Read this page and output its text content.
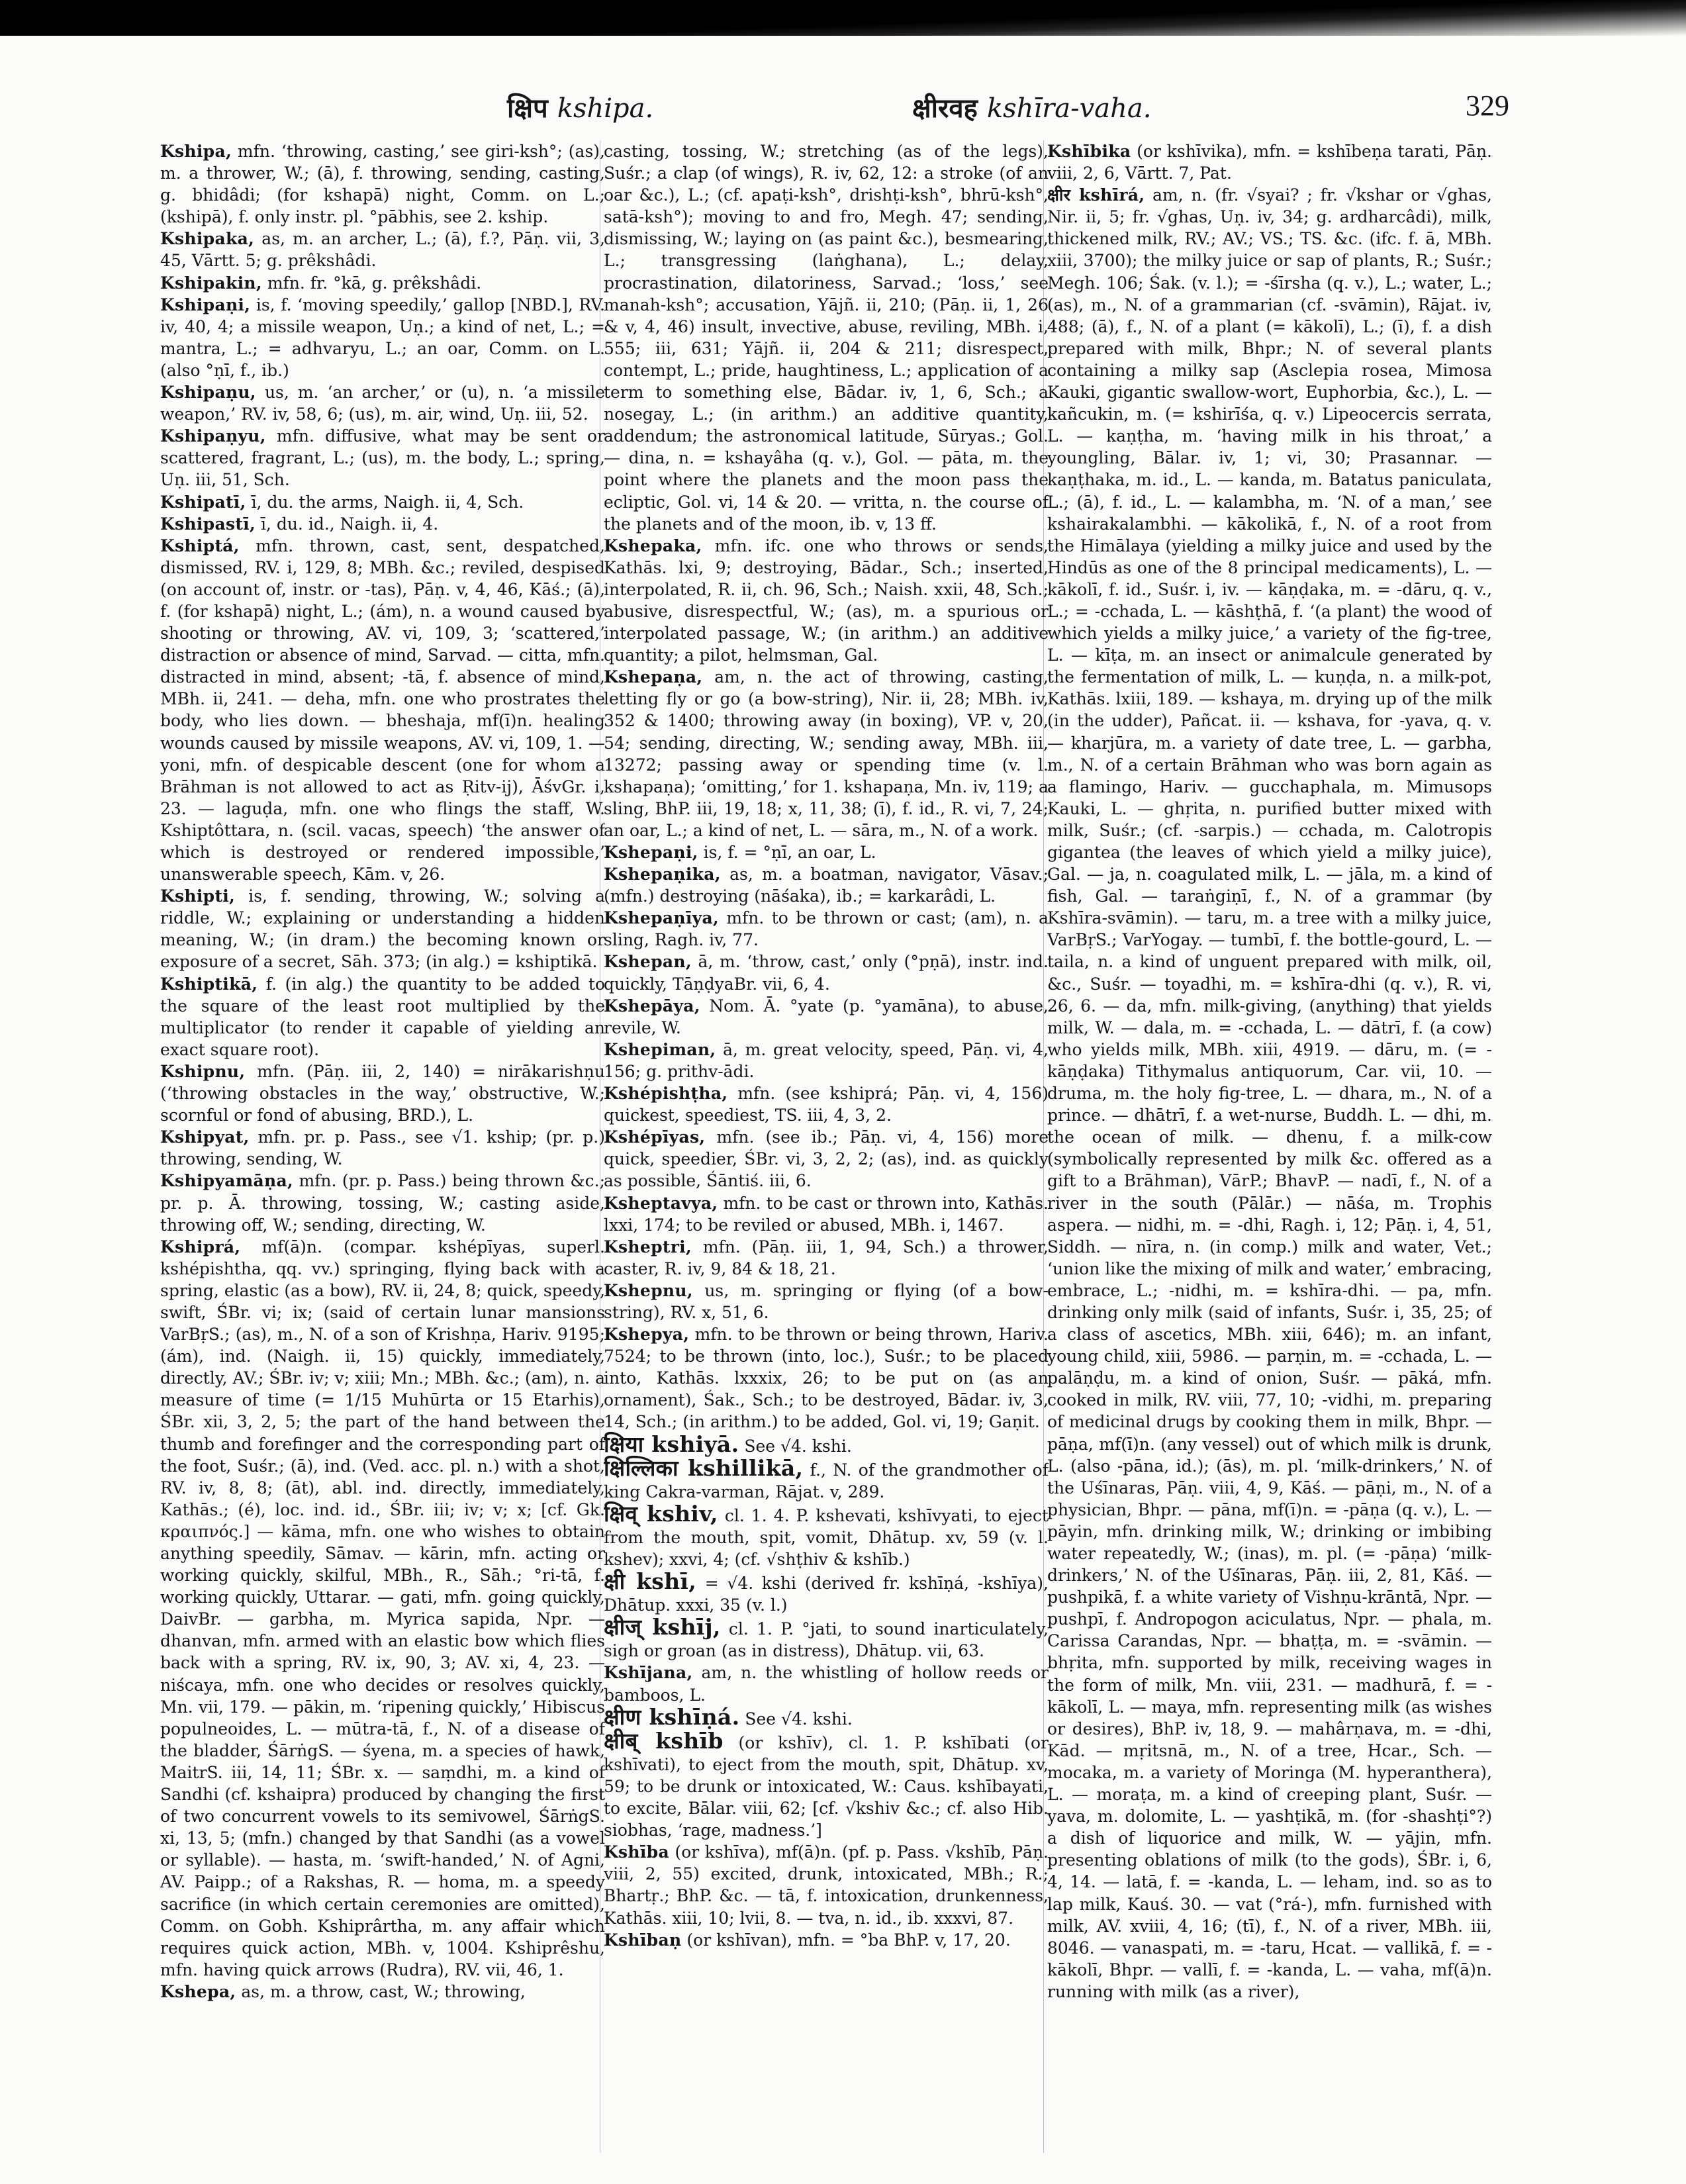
क्षिप kshipa.	क्षीरवह kshīra-vaha.	329

Kshipa, mfn. ‘throwing, casting,’ see giri-ksh°; (as), m. a thrower, W.; (ā), f. throwing, sending, casting, g. bhidâdi; (for kshapā) night, Comm. on L.; (kshipā), f. only instr. pl. °pābhis, see 2. kship.

Kshipaka, as, m. an archer, L.; (ā), f.?, Pāṇ. vii, 3, 45, Vārtt. 5; g. prêkshâdi.

Kshipakin, mfn. fr. °kā, g. prêkshâdi.

Kshipaṇi, is, f. ‘moving speedily,’ gallop [NBD.], RV. iv, 40, 4; a missile weapon, Uṇ.; a kind of net, L.; = mantra, L.; = adhvaryu, L.; an oar, Comm. on L. (also °ṇī, f., ib.)

Kshipaṇu, us, m. ‘an archer,’ or (u), n. ‘a missile weapon,’ RV. iv, 58, 6; (us), m. air, wind, Uṇ. iii, 52.

Kshipaṇyu, mfn. diffusive, what may be sent or scattered, fragrant, L.; (us), m. the body, L.; spring, Uṇ. iii, 51, Sch.

Kshipatī, ī, du. the arms, Naigh. ii, 4, Sch.

Kshipastī, ī, du. id., Naigh. ii, 4.

Kshiptá, mfn. thrown, cast, sent, despatched, dismissed, RV. i, 129, 8; MBh. &c.; reviled, despised (on account of, instr. or -tas), Pāṇ. v, 4, 46, Kāś.; (ā), f. (for kshapā) night, L.; (ám), n. a wound caused by shooting or throwing, AV. vi, 109, 3; ‘scattered,’ distraction or absence of mind, Sarvad. — citta, mfn. distracted in mind, absent; -tā, f. absence of mind, MBh. ii, 241. — deha, mfn. one who prostrates the body, who lies down. — bheshaja, mf(ī)n. healing wounds caused by missile weapons, AV. vi, 109, 1. — yoni, mfn. of despicable descent (one for whom a Brāhman is not allowed to act as Ṛitv-ij), ĀśvGr. i, 23. — laguḍa, mfn. one who flings the staff, W. Kshiptôttara, n. (scil. vacas, speech) ‘the answer of which is destroyed or rendered impossible,’ unanswerable speech, Kām. v, 26.

Kshipti, is, f. sending, throwing, W.; solving a riddle, W.; explaining or understanding a hidden meaning, W.; (in dram.) the becoming known or exposure of a secret, Sāh. 373; (in alg.) = kshiptikā.

Kshiptikā, f. (in alg.) the quantity to be added to the square of the least root multiplied by the multiplicator (to render it capable of yielding an exact square root).

Kshipnu, mfn. (Pāṇ. iii, 2, 140) = nirākarishṇu (‘throwing obstacles in the way,’ obstructive, W.; scornful or fond of abusing, BRD.), L.

Kshipyat, mfn. pr. p. Pass., see √1. kship; (pr. p.) throwing, sending, W.

Kshipyamāṇa, mfn. (pr. p. Pass.) being thrown &c.; pr. p. Ā. throwing, tossing, W.; casting aside, throwing off, W.; sending, directing, W.

Kshiprá, mf(ā)n. (compar. kshépīyas, superl. kshépishtha, qq. vv.) springing, flying back with a spring, elastic (as a bow), RV. ii, 24, 8; quick, speedy, swift, ŚBr. vi; ix; (said of certain lunar mansions VarBṛS.; (as), m., N. of a son of Krishṇa, Hariv. 9195; (ám), ind. (Naigh. ii, 15) quickly, immediately, directly, AV.; ŚBr. iv; v; xiii; Mn.; MBh. &c.; (am), n. a measure of time (= 1/15 Muhūrta or 15 Etarhis), ŚBr. xii, 3, 2, 5; the part of the hand between the thumb and forefinger and the corresponding part of the foot, Suśr.; (ā), ind. (Ved. acc. pl. n.) with a shot, RV. iv, 8, 8; (āt), abl. ind. directly, immediately, Kathās.; (é), loc. ind. id., ŚBr. iii; iv; v; x; [cf. Gk. κραιπνός.] — kāma, mfn. one who wishes to obtain anything speedily, Sāmav. — kārin, mfn. acting or working quickly, skilful, MBh., R., Sāh.; °ri-tā, f. working quickly, Uttarar. — gati, mfn. going quickly, DaivBr. — garbha, m. Myrica sapida, Npr. — dhanvan, mfn. armed with an elastic bow which flies back with a spring, RV. ix, 90, 3; AV. xi, 4, 23. — niścaya, mfn. one who decides or resolves quickly, Mn. vii, 179. — pākin, m. ‘ripening quickly,’ Hibiscus populneoides, L. — mūtra-tā, f., N. of a disease of the bladder, ŚārṅgS. — śyena, m. a species of hawk, MaitrS. iii, 14, 11; ŚBr. x. — saṃdhi, m. a kind of Sandhi (cf. kshaipra) produced by changing the first of two concurrent vowels to its semivowel, ŚārṅgS. xi, 13, 5; (mfn.) changed by that Sandhi (as a vowel or syllable). — hasta, m. ‘swift-handed,’ N. of Agni, AV. Paipp.; of a Rakshas, R. — homa, m. a speedy sacrifice (in which certain ceremonies are omitted), Comm. on Gobh. Kshiprârtha, m. any affair which requires quick action, MBh. v, 1004. Kshiprêshu, mfn. having quick arrows (Rudra), RV. vii, 46, 1.

Kshepa, as, m. a throw, cast, W.; throwing,

casting, tossing, W.; stretching (as of the legs), Suśr.; a clap (of wings), R. iv, 62, 12: a stroke (of an oar &c.), L.; (cf. apaṭi-ksh°, drishṭi-ksh°, bhrū-ksh°, satā-ksh°); moving to and fro, Megh. 47; sending, dismissing, W.; laying on (as paint &c.), besmearing, L.; transgressing (laṅghana), L.; delay, procrastination, dilatoriness, Sarvad.; ‘loss,’ see manah-ksh°; accusation, Yājñ. ii, 210; (Pāṇ. ii, 1, 26 & v, 4, 46) insult, invective, abuse, reviling, MBh. i, 555; iii, 631; Yājñ. ii, 204 & 211; disrespect, contempt, L.; pride, haughtiness, L.; application of a term to something else, Bādar. iv, 1, 6, Sch.; a nosegay, L.; (in arithm.) an additive quantity, addendum; the astronomical latitude, Sūryas.; Gol. — dina, n. = kshayâha (q. v.), Gol. — pāta, m. the point where the planets and the moon pass the ecliptic, Gol. vi, 14 & 20. — vritta, n. the course of the planets and of the moon, ib. v, 13 ff.

Kshepaka, mfn. ifc. one who throws or sends, Kathās. lxi, 9; destroying, Bādar., Sch.; inserted, interpolated, R. ii, ch. 96, Sch.; Naish. xxii, 48, Sch.; abusive, disrespectful, W.; (as), m. a spurious or interpolated passage, W.; (in arithm.) an additive quantity; a pilot, helmsman, Gal.

Kshepaṇa, am, n. the act of throwing, casting, letting fly or go (a bow-string), Nir. ii, 28; MBh. iv, 352 & 1400; throwing away (in boxing), VP. v, 20, 54; sending, directing, W.; sending away, MBh. iii, 13272; passing away or spending time (v. l. kshapaṇa); ‘omitting,’ for 1. kshapaṇa, Mn. iv, 119; a sling, BhP. iii, 19, 18; x, 11, 38; (ī), f. id., R. vi, 7, 24; an oar, L.; a kind of net, L. — sāra, m., N. of a work.

Kshepaṇi, is, f. = °ṇī, an oar, L.

Kshepaṇika, as, m. a boatman, navigator, Vāsav.; (mfn.) destroying (nāśaka), ib.; = karkarâdi, L.

Kshepaṇīya, mfn. to be thrown or cast; (am), n. a sling, Ragh. iv, 77.

Kshepan, ā, m. ‘throw, cast,’ only (°pṇā), instr. ind. quickly, TāṇḍyaBr. vii, 6, 4.

Kshepāya, Nom. Ā. °yate (p. °yamāna), to abuse, revile, W.

Kshepiman, ā, m. great velocity, speed, Pāṇ. vi, 4, 156; g. prithv-ādi.

Kshépishṭha, mfn. (see kshiprá; Pāṇ. vi, 4, 156) quickest, speediest, TS. iii, 4, 3, 2.

Kshépīyas, mfn. (see ib.; Pāṇ. vi, 4, 156) more quick, speedier, ŚBr. vi, 3, 2, 2; (as), ind. as quickly as possible, Śāntiś. iii, 6.

Ksheptavya, mfn. to be cast or thrown into, Kathās. lxxi, 174; to be reviled or abused, MBh. i, 1467.

Ksheptri, mfn. (Pāṇ. iii, 1, 94, Sch.) a thrower, caster, R. iv, 9, 84 & 18, 21.

Kshepnu, us, m. springing or flying (of a bow-string), RV. x, 51, 6.

Kshepya, mfn. to be thrown or being thrown, Hariv. 7524; to be thrown (into, loc.), Suśr.; to be placed into, Kathās. lxxxix, 26; to be put on (as an ornament), Śak., Sch.; to be destroyed, Bādar. iv, 3, 14, Sch.; (in arithm.) to be added, Gol. vi, 19; Gaṇit.

क्षिया kshiyā. See √4. kshi.

क्षिल्लिका kshillikā, f., N. of the grandmother of king Cakra-varman, Rājat. v, 289.

क्षिव् kshiv, cl. 1. 4. P. kshevati, kshīvyati, to eject from the mouth, spit, vomit, Dhātup. xv, 59 (v. l. kshev); xxvi, 4; (cf. √shṭhiv & kshīb.)

क्षी kshī, = √4. kshi (derived fr. kshīṇá, -kshīya), Dhātup. xxxi, 35 (v. l.)

क्षीज् kshīj, cl. 1. P. °jati, to sound inarticulately, sigh or groan (as in distress), Dhātup. vii, 63.

Kshījana, am, n. the whistling of hollow reeds or bamboos, L.

क्षीण kshīṇá. See √4. kshi.

क्षीब् kshīb (or kshīv), cl. 1. P. kshībati (or kshīvati), to eject from the mouth, spit, Dhātup. xv, 59; to be drunk or intoxicated, W.: Caus. kshībayati, to excite, Bālar. viii, 62; [cf. √kshiv &c.; cf. also Hib. siobhas, ‘rage, madness.’]

Kshība (or kshīva), mf(ā)n. (pf. p. Pass. √kshīb, Pāṇ. viii, 2, 55) excited, drunk, intoxicated, MBh.; R.; Bhartṛ.; BhP. &c. — tā, f. intoxication, drunkenness, Kathās. xiii, 10; lvii, 8. — tva, n. id., ib. xxxvi, 87.

Kshībaṇ (or kshīvan), mfn. = °ba BhP. v, 17, 20.

Kshībika (or kshīvika), mfn. = kshībeṇa tarati, Pāṇ. viii, 2, 6, Vārtt. 7, Pat.

क्षीर kshīrá, am, n. (fr. √syai? ; fr. √kshar or √ghas, Nir. ii, 5; fr. √ghas, Uṇ. iv, 34; g. ardharcâdi), milk, thickened milk, RV.; AV.; VS.; TS. &c. (ifc. f. ā, MBh. xiii, 3700); the milky juice or sap of plants, R.; Suśr.; Megh. 106; Śak. (v. l.); = -śīrsha (q. v.), L.; water, L.; (as), m., N. of a grammarian (cf. -svāmin), Rājat. iv, 488; (ā), f., N. of a plant (= kākolī), L.; (ī), f. a dish prepared with milk, Bhpr.; N. of several plants containing a milky sap (Asclepia rosea, Mimosa Kauki, gigantic swallow-wort, Euphorbia, &c.), L. — kañcukin, m. (= kshirīśa, q. v.) Lipeocercis serrata, L. — kaṇṭha, m. ‘having milk in his throat,’ a youngling, Bālar. iv, 1; vi, 30; Prasannar. — kaṇṭhaka, m. id., L. — kanda, m. Batatus paniculata, L.; (ā), f. id., L. — kalambha, m. ‘N. of a man,’ see kshairakalambhi. — kākolikā, f., N. of a root from the Himālaya (yielding a milky juice and used by the Hindūs as one of the 8 principal medicaments), L. — kākolī, f. id., Suśr. i, iv. — kāṇḍaka, m. = -dāru, q. v., L.; = -cchada, L. — kāshṭhā, f. ‘(a plant) the wood of which yields a milky juice,’ a variety of the fig-tree, L. — kīṭa, m. an insect or animalcule generated by the fermentation of milk, L. — kuṇḍa, n. a milk-pot, Kathās. lxiii, 189. — kshaya, m. drying up of the milk (in the udder), Pañcat. ii. — kshava, for -yava, q. v. — kharjūra, m. a variety of date tree, L. — garbha, m., N. of a certain Brāhman who was born again as a flamingo, Hariv. — gucchaphala, m. Mimusops Kauki, L. — ghṛita, n. purified butter mixed with milk, Suśr.; (cf. -sarpis.) — cchada, m. Calotropis gigantea (the leaves of which yield a milky juice), Gal. — ja, n. coagulated milk, L. — jāla, m. a kind of fish, Gal. — taraṅgiṇī, f., N. of a grammar (by Kshīra-svāmin). — taru, m. a tree with a milky juice, VarBṛS.; VarYogay. — tumbī, f. the bottle-gourd, L. — taila, n. a kind of unguent prepared with milk, oil, &c., Suśr. — toyadhi, m. = kshīra-dhi (q. v.), R. vi, 26, 6. — da, mfn. milk-giving, (anything) that yields milk, W. — dala, m. = -cchada, L. — dātrī, f. (a cow) who yields milk, MBh. xiii, 4919. — dāru, m. (= -kāṇḍaka) Tithymalus antiquorum, Car. vii, 10. — druma, m. the holy fig-tree, L. — dhara, m., N. of a prince. — dhātrī, f. a wet-nurse, Buddh. L. — dhi, m. the ocean of milk. — dhenu, f. a milk-cow (symbolically represented by milk &c. offered as a gift to a Brāhman), VārP.; BhavP. — nadī, f., N. of a river in the south (Pālār.) — nāśa, m. Trophis aspera. — nidhi, m. = -dhi, Ragh. i, 12; Pāṇ. i, 4, 51, Siddh. — nīra, n. (in comp.) milk and water, Vet.; ‘union like the mixing of milk and water,’ embracing, embrace, L.; -nidhi, m. = kshīra-dhi. — pa, mfn. drinking only milk (said of infants, Suśr. i, 35, 25; of a class of ascetics, MBh. xiii, 646); m. an infant, young child, xiii, 5986. — parṇin, m. = -cchada, L. — palāṇḍu, m. a kind of onion, Suśr. — pāká, mfn. cooked in milk, RV. viii, 77, 10; -vidhi, m. preparing of medicinal drugs by cooking them in milk, Bhpr. — pāṇa, mf(ī)n. (any vessel) out of which milk is drunk, L. (also -pāna, id.); (ās), m. pl. ‘milk-drinkers,’ N. of the Uśīnaras, Pāṇ. viii, 4, 9, Kāś. — pāṇi, m., N. of a physician, Bhpr. — pāna, mf(ī)n. = -pāṇa (q. v.), L. — pāyin, mfn. drinking milk, W.; drinking or imbibing water repeatedly, W.; (inas), m. pl. (= -pāṇa) ‘milk-drinkers,’ N. of the Uśīnaras, Pāṇ. iii, 2, 81, Kāś. — pushpikā, f. a white variety of Vishṇu-krāntā, Npr. — pushpī, f. Andropogon aciculatus, Npr. — phala, m. Carissa Carandas, Npr. — bhaṭṭa, m. = -svāmin. — bhṛita, mfn. supported by milk, receiving wages in the form of milk, Mn. viii, 231. — madhurā, f. = -kākolī, L. — maya, mfn. representing milk (as wishes or desires), BhP. iv, 18, 9. — mahârṇava, m. = -dhi, Kād. — mṛitsnā, m., N. of a tree, Hcar., Sch. — mocaka, m. a variety of Moringa (M. hyperanthera), L. — moraṭa, m. a kind of creeping plant, Suśr. — yava, m. dolomite, L. — yashṭikā, m. (for -shashṭi°?) a dish of liquorice and milk, W. — yājin, mfn. presenting oblations of milk (to the gods), ŚBr. i, 6, 4, 14. — latā, f. = -kanda, L. — leham, ind. so as to lap milk, Kauś. 30. — vat (°rá-), mfn. furnished with milk, AV. xviii, 4, 16; (tī), f., N. of a river, MBh. iii, 8046. — vanaspati, m. = -taru, Hcat. — vallikā, f. = -kākolī, Bhpr. — vallī, f. = -kanda, L. — vaha, mf(ā)n. running with milk (as a river),
